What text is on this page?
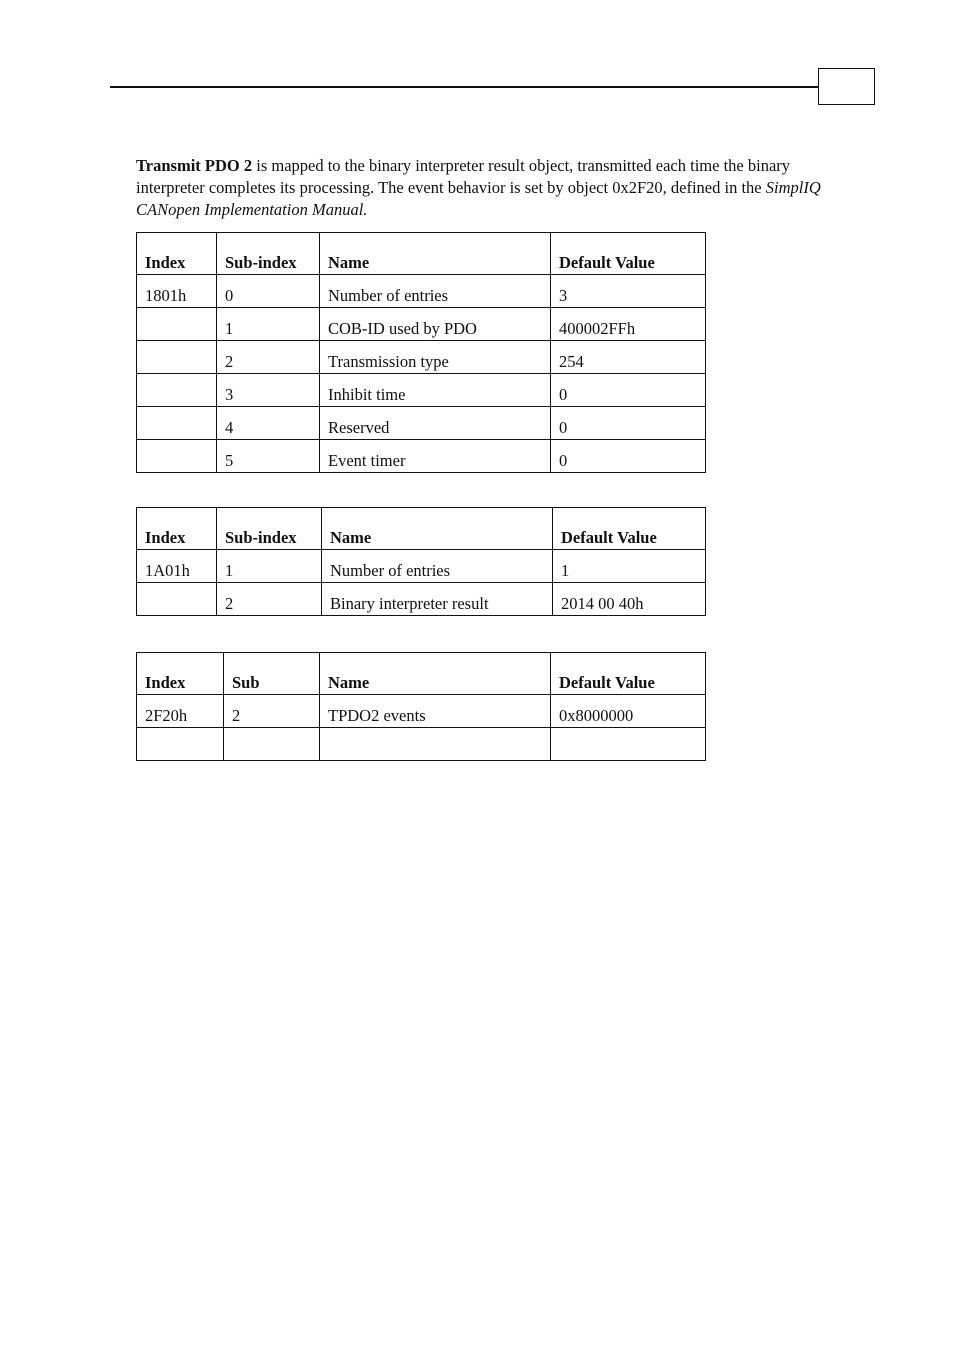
Transmit PDO 2 is mapped to the binary interpreter result object, transmitted each time the binary interpreter completes its processing. The event behavior is set by object 0x2F20, defined in the SimplIQ CANopen Implementation Manual.

Index	Sub-index	Name	Default Value
1801h	0	Number of entries	3
	1	COB-ID used by PDO	400002FFh
	2	Transmission type	254
	3	Inhibit time	0
	4	Reserved	0
	5	Event timer	0
Index	Sub-index	Name	Default Value
1A01h	1	Number of entries	1
	2	Binary interpreter result	2014 00 40h
Index	Sub	Name	Default Value
2F20h	2	TPDO2 events	0x8000000
